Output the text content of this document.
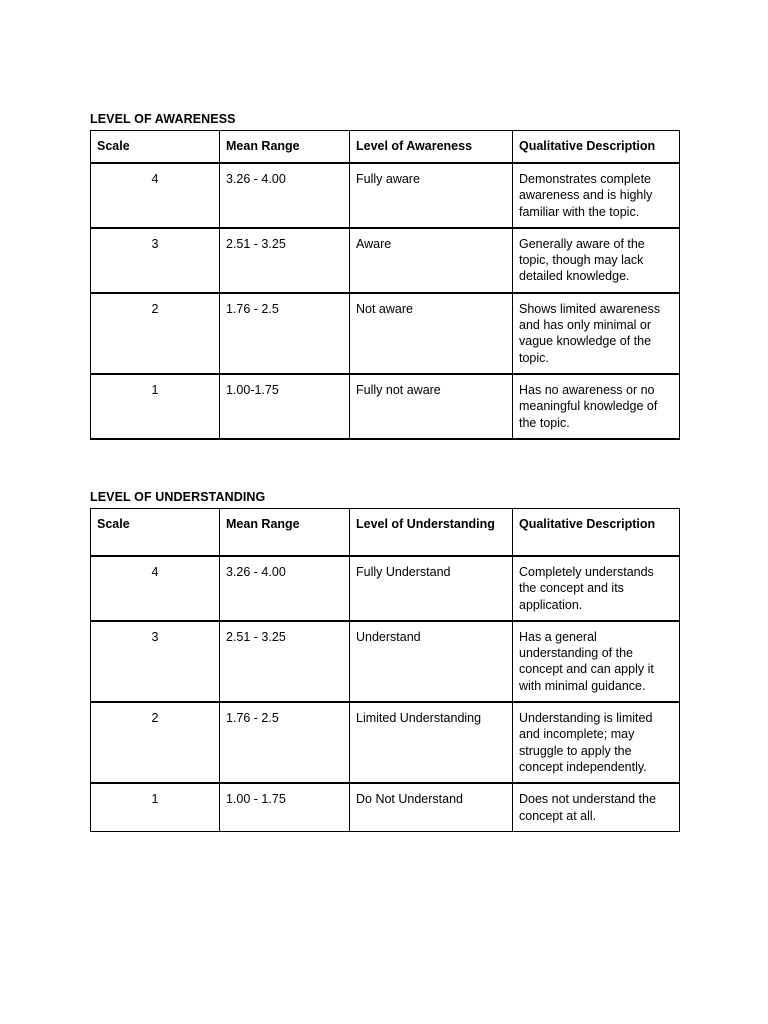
LEVEL OF AWARENESS
Scale	Mean Range	Level of Awareness	Qualitative Description
4	3.26 - 4.00	Fully aware	Demonstrates complete awareness and is highly familiar with the topic.
3	2.51 - 3.25	Aware	Generally aware of the topic, though may lack detailed knowledge.
2	1.76 - 2.5	Not aware	Shows limited awareness and has only minimal or vague knowledge of the topic.
1	1.00-1.75	Fully not aware	Has no awareness or no meaningful knowledge of the topic.
LEVEL OF UNDERSTANDING
Scale	Mean Range	Level of Understanding	Qualitative Description
4	3.26 - 4.00	Fully Understand	Completely understands the concept and its application.
3	2.51 - 3.25	Understand	Has a general understanding of the concept and can apply it with minimal guidance.
2	1.76 - 2.5	Limited Understanding	Understanding is limited and incomplete; may struggle to apply the concept independently.
1	1.00 - 1.75	Do Not Understand	Does not understand the concept at all.
